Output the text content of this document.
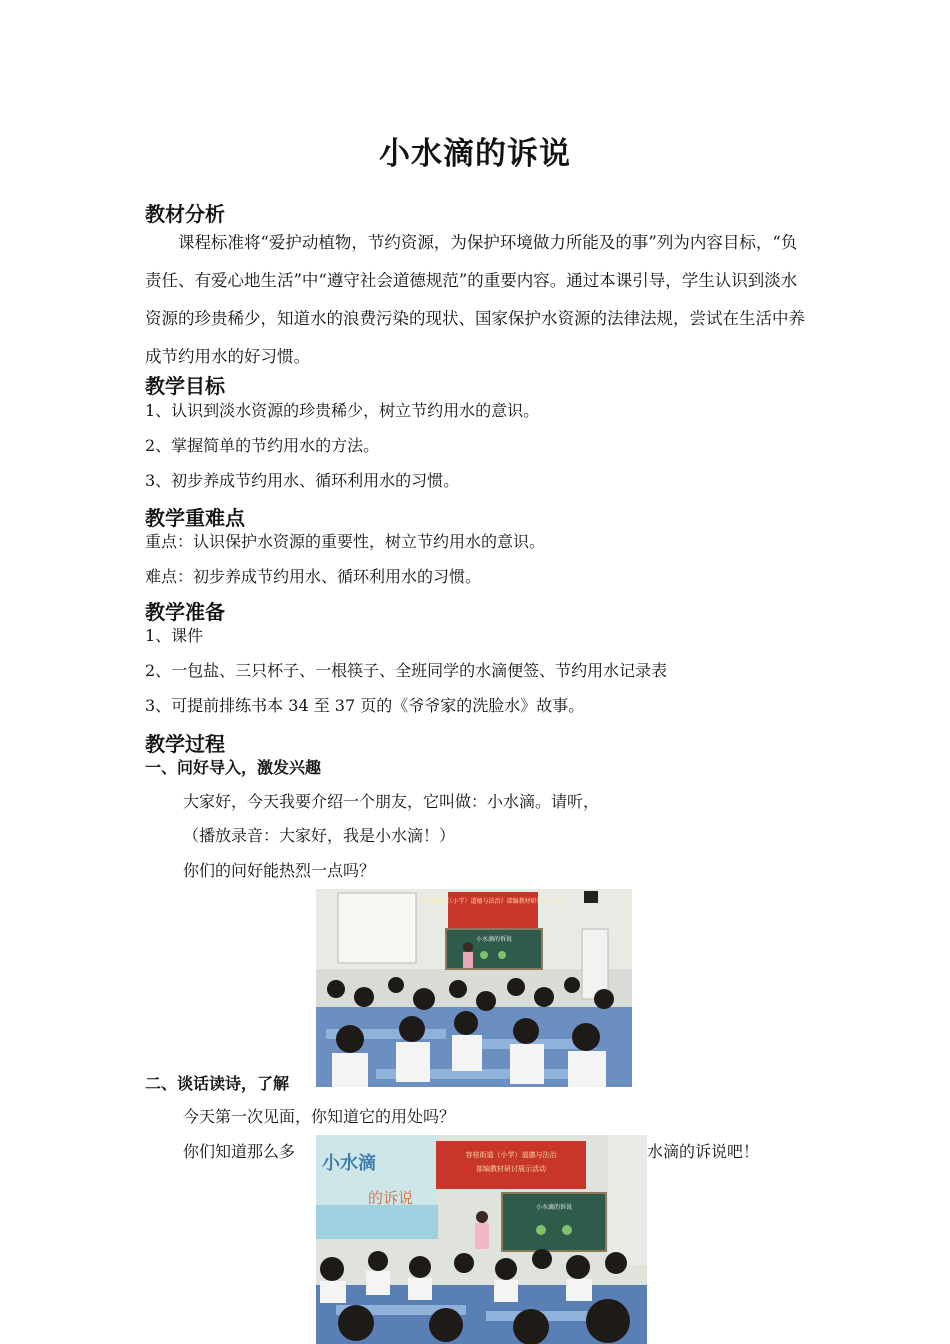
小水滴的诉说
教材分析
课程标准将“爱护动植物，节约资源，为保护环境做力所能及的事”列为内容目标，“负责任、有爱心地生活”中“遵守社会道德规范”的重要内容。通过本课引导，学生认识到淡水资源的珍贵稀少，知道水的浪费污染的现状、国家保护水资源的法律法规，尝试在生活中养成节约用水的好习惯。
教学目标
1、认识到淡水资源的珍贵稀少，树立节约用水的意识。
2、掌握简单的节约用水的方法。
3、初步养成节约用水、循环利用水的习惯。
教学重难点
重点：认识保护水资源的重要性，树立节约用水的意识。
难点：初步养成节约用水、循环利用水的习惯。
教学准备
1、课件
2、一包盐、三只杯子、一根筷子、全班同学的水滴便签、节约用水记录表
3、可提前排练书本 34 至 37 页的《爷爷家的洗脸水》故事。
教学过程
一、问好导入，激发兴趣
大家好，今天我要介绍一个朋友，它叫做：小水滴。请听，
（播放录音：大家好，我是小水滴！）
你们的问好能热烈一点吗？
容桂街道《（小学）道德与法治》部编教材研讨展示活动
小水滴的诉说
二、谈话读诗，了解
今天第一次见面，你知道它的用处吗？
你们知道那么多	水滴的诉说吧！
小水滴
的诉说
容桂街道（小学）道德与法治
部编教材研讨展示活动
小水滴的诉说
